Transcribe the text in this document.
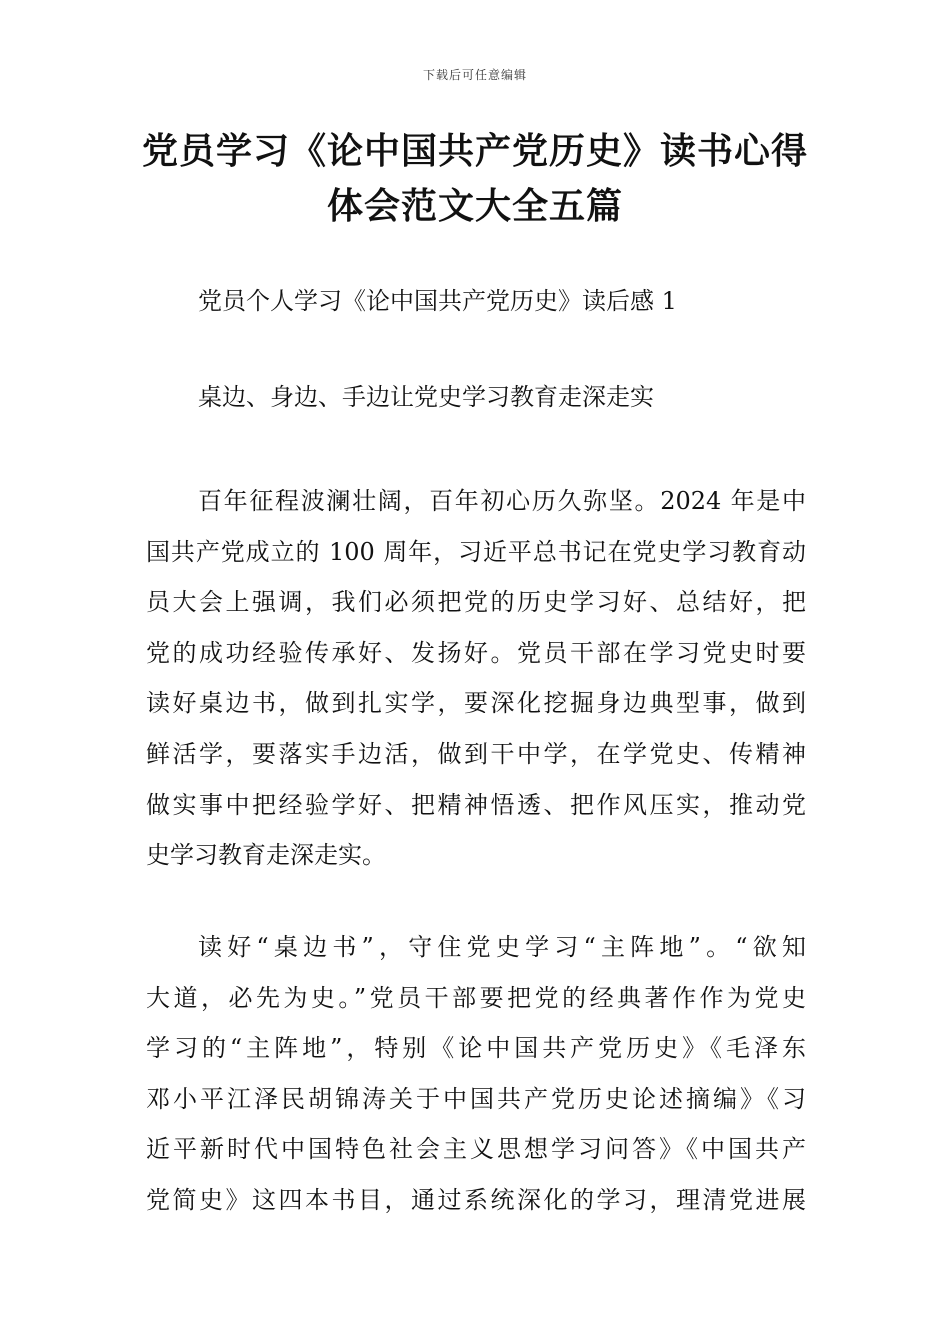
下载后可任意编辑
党员学习《论中国共产党历史》读书心得
体会范文大全五篇
党员个人学习《论中国共产党历史》读后感 1
桌边、身边、手边让党史学习教育走深走实
百年征程波澜壮阔，百年初心历久弥坚。2024 年是中
国共产党成立的 100 周年，习近平总书记在党史学习教育动
员大会上强调，我们必须把党的历史学习好、总结好，把
党的成功经验传承好、发扬好。党员干部在学习党史时要
读好桌边书，做到扎实学，要深化挖掘身边典型事，做到
鲜活学，要落实手边活，做到干中学，在学党史、传精神
做实事中把经验学好、把精神悟透、把作风压实，推动党
史学习教育走深走实。
读好“桌边书”，守住党史学习“主阵地”。“欲知
大道，必先为史。”党员干部要把党的经典著作作为党史
学习的“主阵地”，特别《论中国共产党历史》《毛泽东
邓小平江泽民胡锦涛关于中国共产党历史论述摘编》《习
近平新时代中国特色社会主义思想学习问答》《中国共产
党简史》这四本书目，通过系统深化的学习，理清党进展
